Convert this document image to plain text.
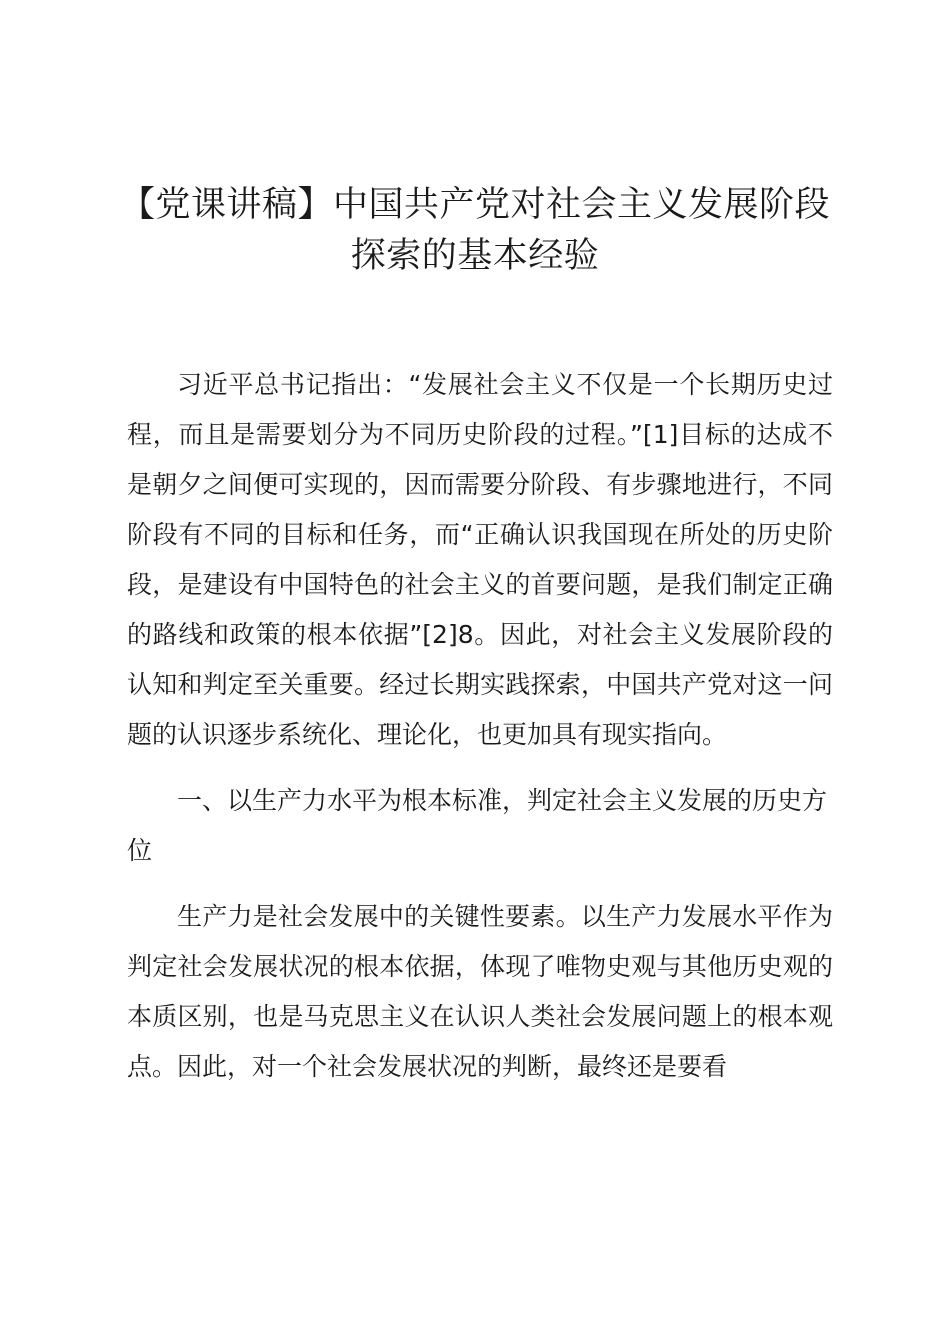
【党课讲稿】中国共产党对社会主义发展阶段
探索的基本经验

习近平总书记指出：“发展社会主义不仅是一个长期历史过程，而且是需要划分为不同历史阶段的过程。”[1]目标的达成不是朝夕之间便可实现的，因而需要分阶段、有步骤地进行，不同阶段有不同的目标和任务，而“正确认识我国现在所处的历史阶段，是建设有中国特色的社会主义的首要问题，是我们制定正确的路线和政策的根本依据”[2]8。因此，对社会主义发展阶段的认知和判定至关重要。经过长期实践探索，中国共产党对这一问题的认识逐步系统化、理论化，也更加具有现实指向。

一、以生产力水平为根本标准，判定社会主义发展的历史方位

生产力是社会发展中的关键性要素。以生产力发展水平作为判定社会发展状况的根本依据，体现了唯物史观与其他历史观的本质区别，也是马克思主义在认识人类社会发展问题上的根本观点。因此，对一个社会发展状况的判断，最终还是要看
